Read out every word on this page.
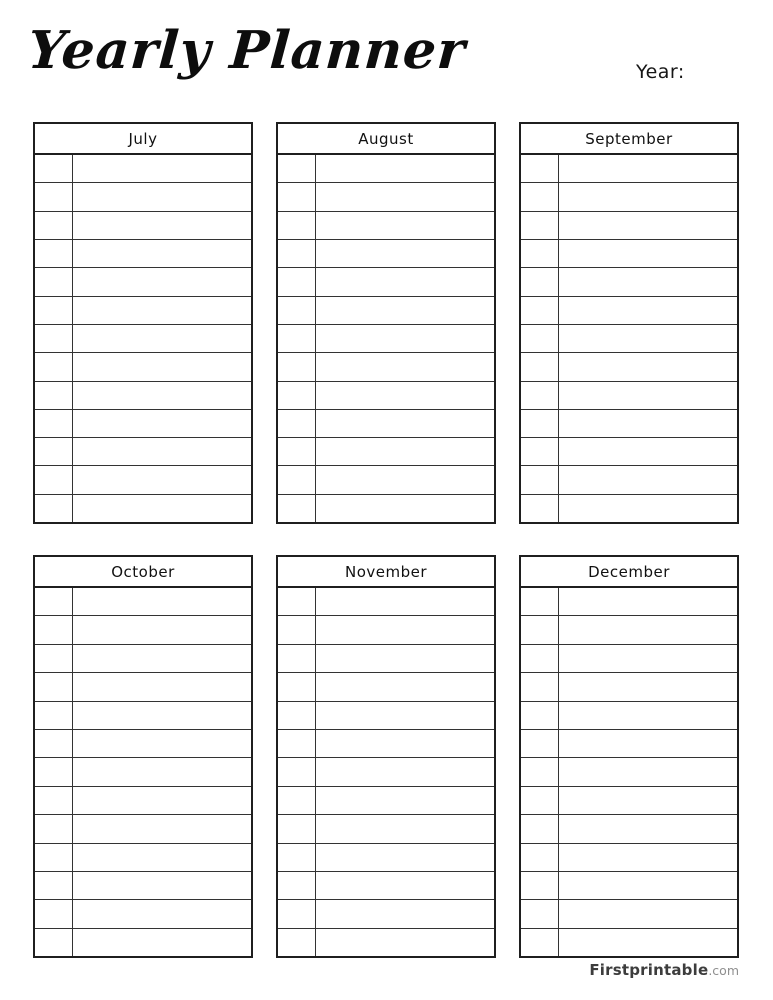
Yearly Planner	Year:
July	August	September
October	November	December
Firstprintable.com
